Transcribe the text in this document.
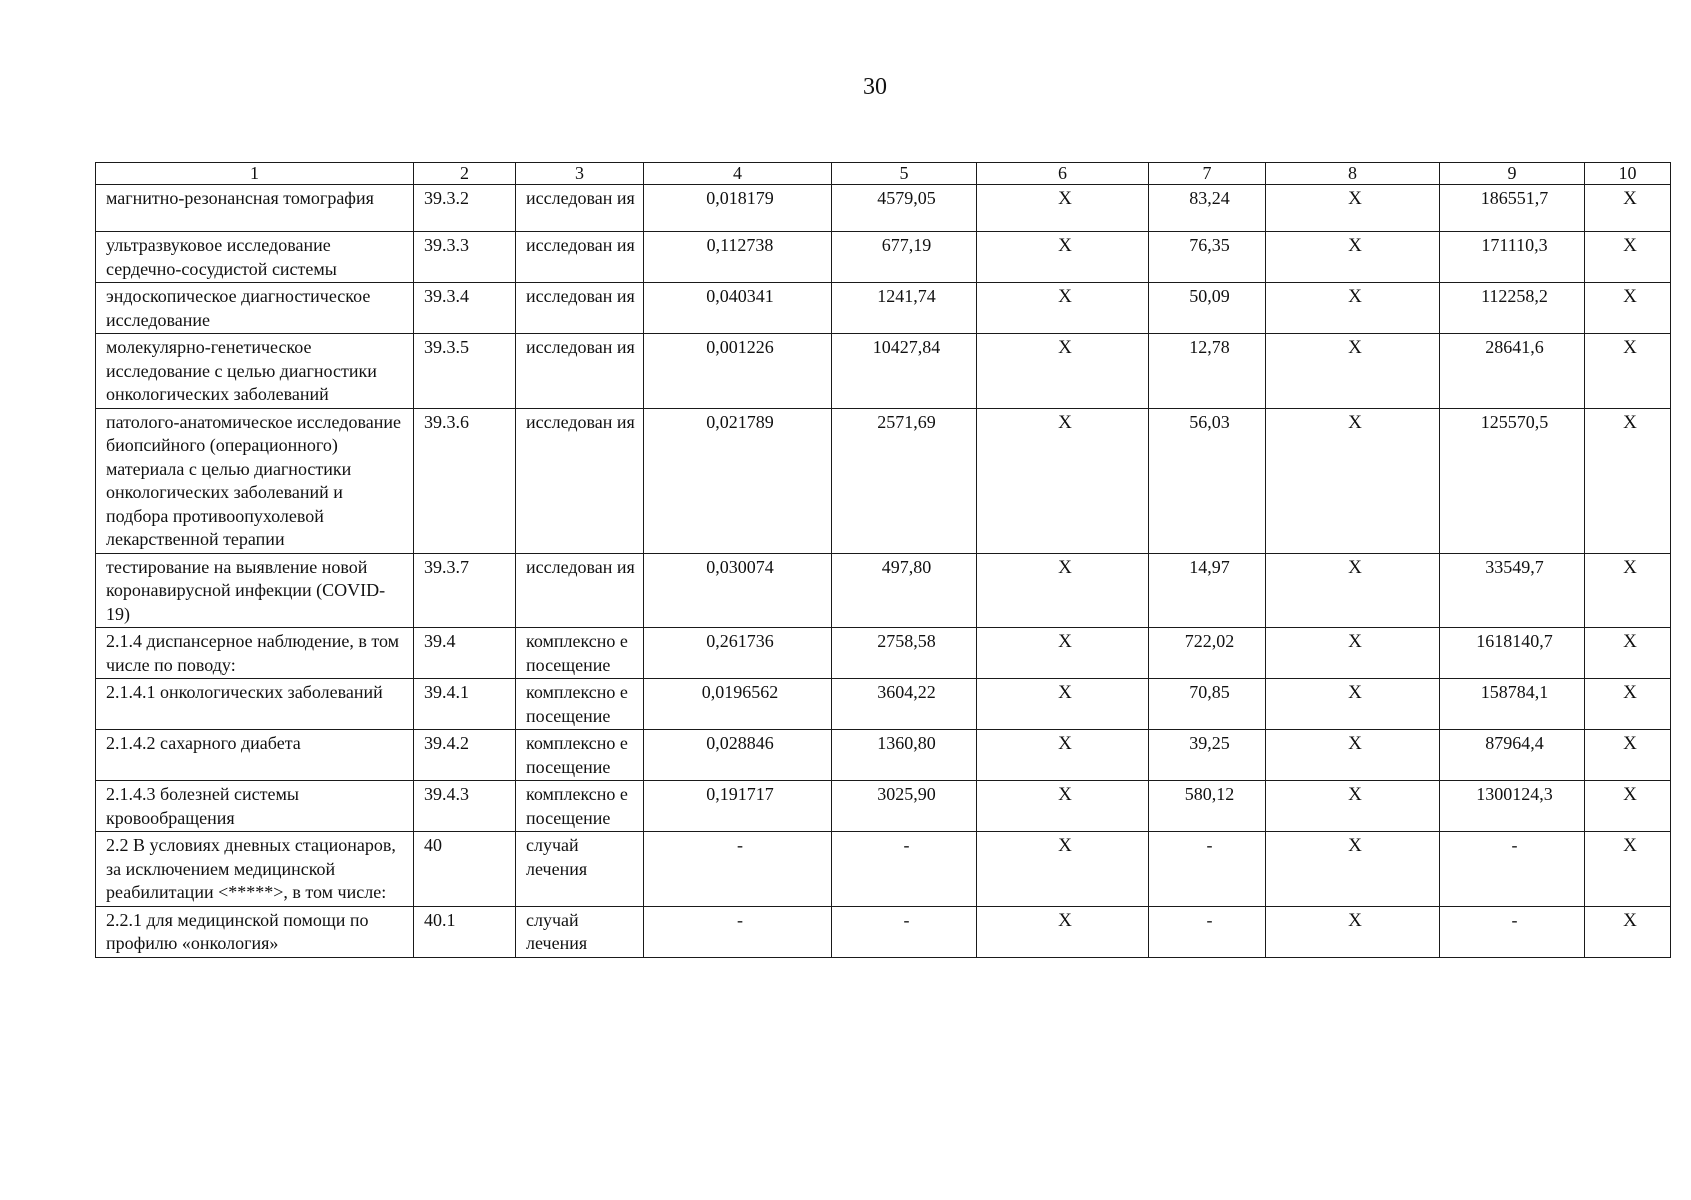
30
1	2	3	4	5	6	7	8	9	10
магнитно-резонансная томография	39.3.2	исследован ия	0,018179	4579,05	X	83,24	X	186551,7	X
ультразвуковое исследование сердечно-сосудистой системы	39.3.3	исследован ия	0,112738	677,19	X	76,35	X	171110,3	X
эндоскопическое диагностическое исследование	39.3.4	исследован ия	0,040341	1241,74	X	50,09	X	112258,2	X
молекулярно-генетическое исследование с целью диагностики онкологических заболеваний	39.3.5	исследован ия	0,001226	10427,84	X	12,78	X	28641,6	X
патолого-анатомическое исследование биопсийного (операционного) материала с целью диагностики онкологических заболеваний и подбора противоопухолевой лекарственной терапии	39.3.6	исследован ия	0,021789	2571,69	X	56,03	X	125570,5	X
тестирование на выявление новой коронавирусной инфекции (COVID-19)	39.3.7	исследован ия	0,030074	497,80	X	14,97	X	33549,7	X
2.1.4 диспансерное наблюдение, в том числе по поводу:	39.4	комплексно е посещение	0,261736	2758,58	X	722,02	X	1618140,7	X
2.1.4.1 онкологических заболеваний	39.4.1	комплексно е посещение	0,0196562	3604,22	X	70,85	X	158784,1	X
2.1.4.2 сахарного диабета	39.4.2	комплексно е посещение	0,028846	1360,80	X	39,25	X	87964,4	X
2.1.4.3 болезней системы кровообращения	39.4.3	комплексно е посещение	0,191717	3025,90	X	580,12	X	1300124,3	X
2.2 В условиях дневных стационаров, за исключением медицинской реабилитации <*****>, в том числе:	40	случай лечения	-	-	X	-	X	-	X
2.2.1 для медицинской помощи по профилю «онкология»	40.1	случай лечения	-	-	X	-	X	-	X
